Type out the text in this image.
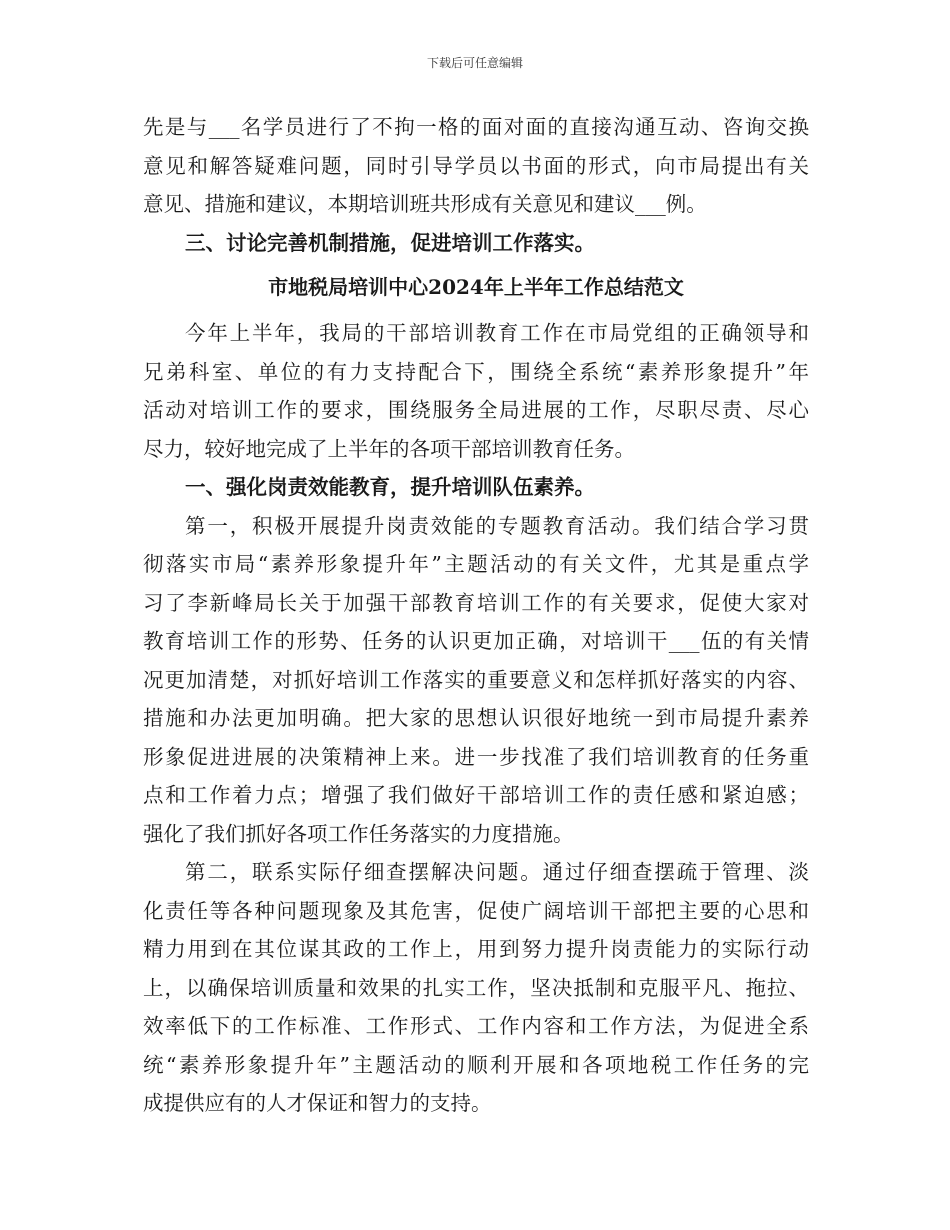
下载后可任意编辑
先是与___名学员进行了不拘一格的面对面的直接沟通互动、咨询交换
意见和解答疑难问题，同时引导学员以书面的形式，向市局提出有关
意见、措施和建议，本期培训班共形成有关意见和建议___例。
三、讨论完善机制措施，促进培训工作落实。
市地税局培训中心2024年上半年工作总结范文
今年上半年，我局的干部培训教育工作在市局党组的正确领导和
兄弟科室、单位的有力支持配合下，围绕全系统“素养形象提升”年
活动对培训工作的要求，围绕服务全局进展的工作，尽职尽责、尽心
尽力，较好地完成了上半年的各项干部培训教育任务。
一、强化岗责效能教育，提升培训队伍素养。
第一，积极开展提升岗责效能的专题教育活动。我们结合学习贯
彻落实市局“素养形象提升年”主题活动的有关文件，尤其是重点学
习了李新峰局长关于加强干部教育培训工作的有关要求，促使大家对
教育培训工作的形势、任务的认识更加正确，对培训干___伍的有关情
况更加清楚，对抓好培训工作落实的重要意义和怎样抓好落实的内容、
措施和办法更加明确。把大家的思想认识很好地统一到市局提升素养
形象促进进展的决策精神上来。进一步找准了我们培训教育的任务重
点和工作着力点；增强了我们做好干部培训工作的责任感和紧迫感；
强化了我们抓好各项工作任务落实的力度措施。
第二，联系实际仔细查摆解决问题。通过仔细查摆疏于管理、淡
化责任等各种问题现象及其危害，促使广阔培训干部把主要的心思和
精力用到在其位谋其政的工作上，用到努力提升岗责能力的实际行动
上，以确保培训质量和效果的扎实工作，坚决抵制和克服平凡、拖拉、
效率低下的工作标准、工作形式、工作内容和工作方法，为促进全系
统“素养形象提升年”主题活动的顺利开展和各项地税工作任务的完
成提供应有的人才保证和智力的支持。
